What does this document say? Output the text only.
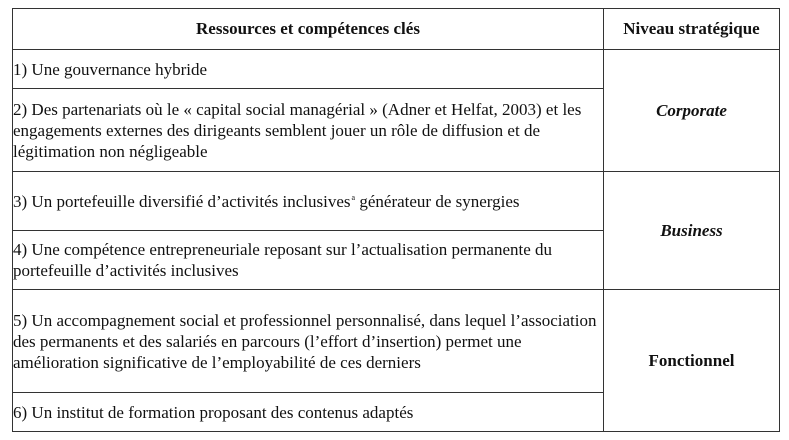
Ressources et compétences clés	Niveau stratégique
1) Une gouvernance hybride	Corporate
2) Des partenariats où le « capital social managérial » (Adner et Helfat, 2003) et les engagements externes des dirigeants semblent jouer un rôle de diffusion et de légitimation non négligeable	
3) Un portefeuille diversifié d’activités inclusives$^a$ générateur de synergies	Business
4) Une compétence entrepreneuriale reposant sur l’actualisation permanente du portefeuille d’activités inclusives	
5) Un accompagnement social et professionnel personnalisé, dans lequel l’association des permanents et des salariés en parcours (l’effort d’insertion) permet une amélioration significative de l’employabilité de ces derniers	Fonctionnel
6) Un institut de formation proposant des contenus adaptés	
